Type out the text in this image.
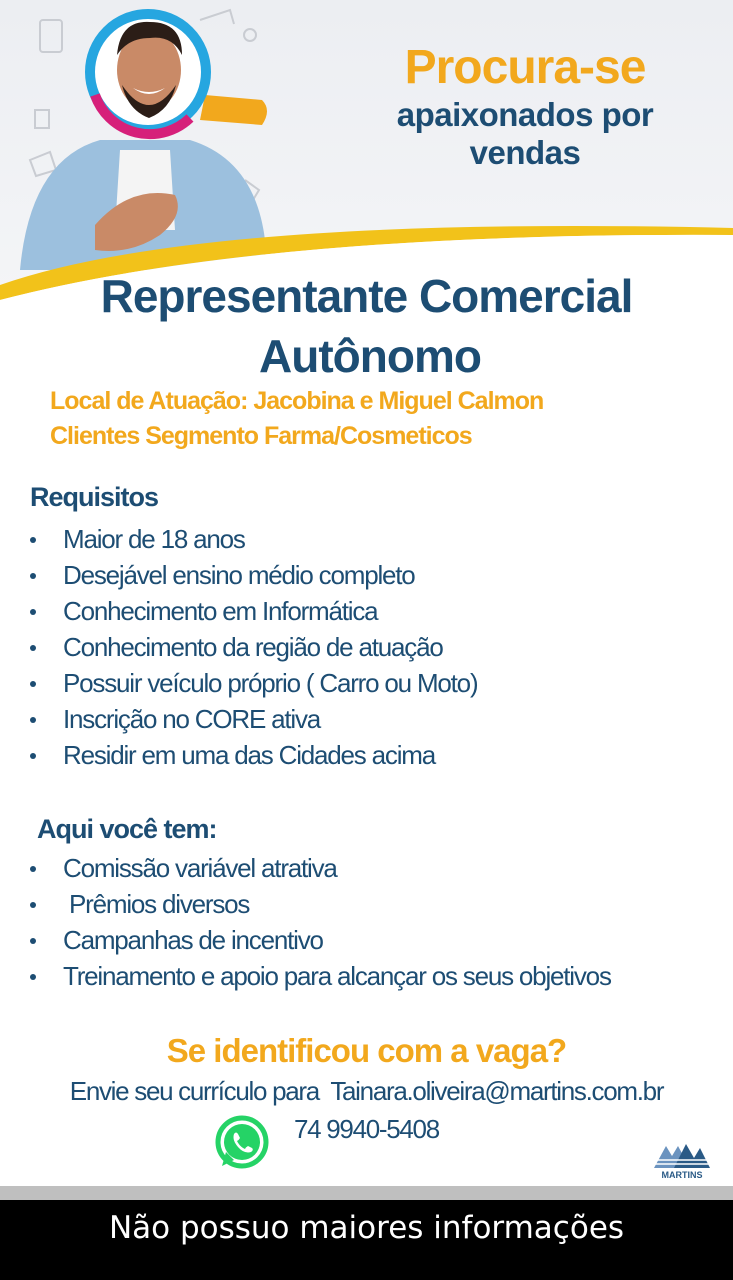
Procura-se
apaixonados por
vendas
Representante Comercial
Autônomo
Local de Atuação: Jacobina e Miguel Calmon
Clientes Segmento Farma/Cosmeticos
Requisitos
Maior de 18 anos
Desejável ensino médio completo
Conhecimento em Informática
Conhecimento da região de atuação
Possuir veículo próprio ( Carro ou Moto)
Inscrição no CORE ativa
Residir em uma das Cidades acima
Aqui você tem:
Comissão variável atrativa
Prêmios diversos
Campanhas de incentivo
Treinamento e apoio para alcançar os seus objetivos
Se identificou com a vaga?
Envie seu currículo para  Tainara.oliveira@martins.com.br
74 9940-5408
MARTINS
Não possuo maiores informações
